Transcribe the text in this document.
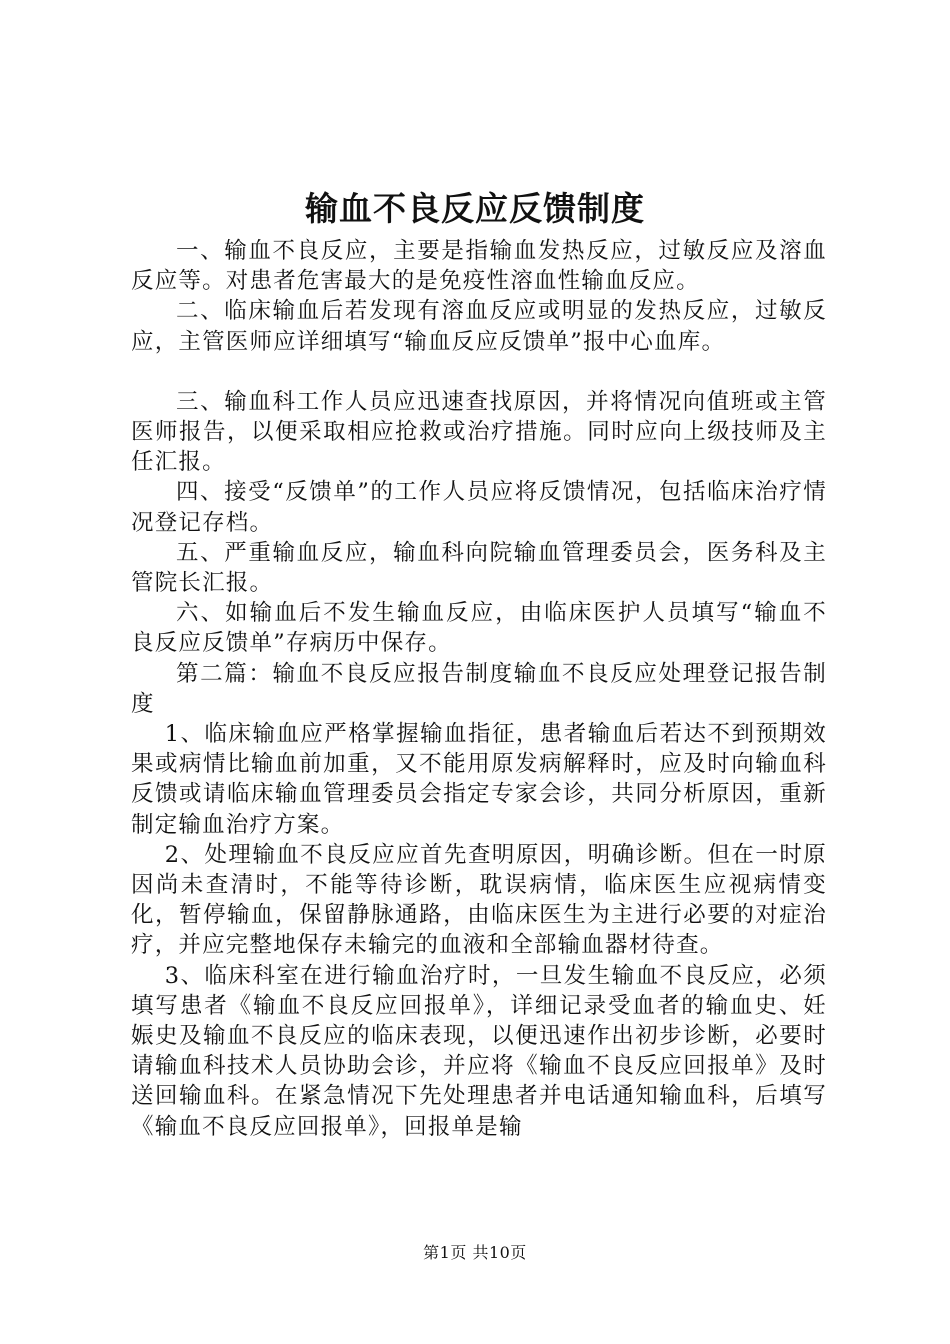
输血不良反应反馈制度

一、输血不良反应，主要是指输血发热反应，过敏反应及溶血反应等。对患者危害最大的是免疫性溶血性输血反应。

二、临床输血后若发现有溶血反应或明显的发热反应，过敏反应，主管医师应详细填写“输血反应反馈单”报中心血库。

三、输血科工作人员应迅速查找原因，并将情况向值班或主管医师报告，以便采取相应抢救或治疗措施。同时应向上级技师及主任汇报。

四、接受“反馈单”的工作人员应将反馈情况，包括临床治疗情况登记存档。

五、严重输血反应，输血科向院输血管理委员会，医务科及主管院长汇报。

六、如输血后不发生输血反应，由临床医护人员填写“输血不良反应反馈单”存病历中保存。

第二篇：输血不良反应报告制度输血不良反应处理登记报告制度

1、临床输血应严格掌握输血指征，患者输血后若达不到预期效果或病情比输血前加重，又不能用原发病解释时，应及时向输血科反馈或请临床输血管理委员会指定专家会诊，共同分析原因，重新制定输血治疗方案。

2、处理输血不良反应应首先查明原因，明确诊断。但在一时原因尚未查清时，不能等待诊断，耽误病情，临床医生应视病情变化，暂停输血，保留静脉通路，由临床医生为主进行必要的对症治疗，并应完整地保存未输完的血液和全部输血器材待查。

3、临床科室在进行输血治疗时，一旦发生输血不良反应，必须填写患者《输血不良反应回报单》，详细记录受血者的输血史、妊娠史及输血不良反应的临床表现，以便迅速作出初步诊断，必要时请输血科技术人员协助会诊，并应将《输血不良反应回报单》及时送回输血科。在紧急情况下先处理患者并电话通知输血科，后填写《输血不良反应回报单》，回报单是输

第1页 共10页
